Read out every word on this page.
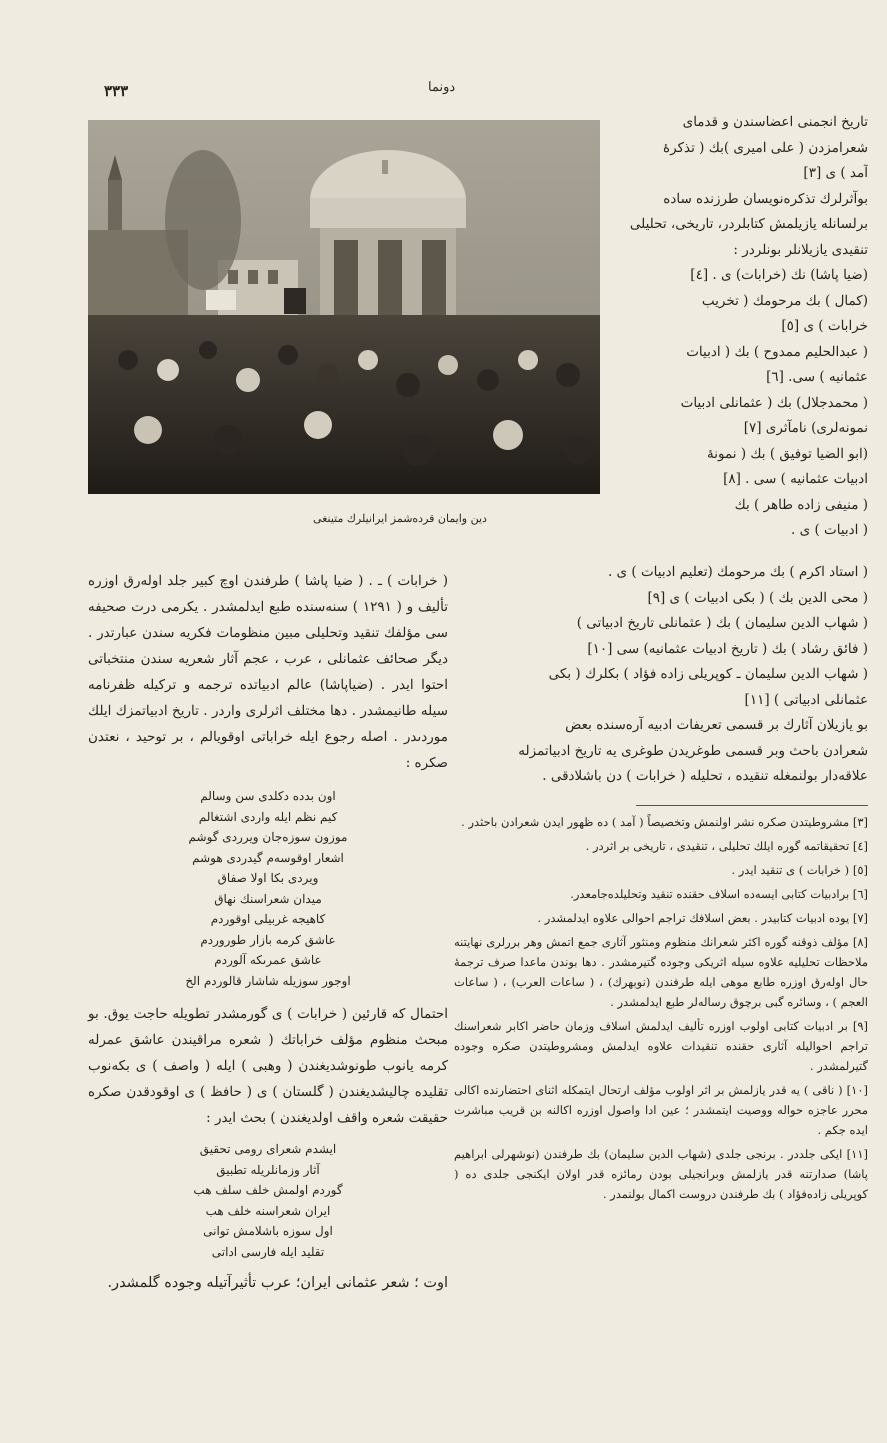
٣٣٣	دونما
دين وايمان قردەشمز ايرانيلرك متينغى
تاريخ انجمنى اعضاسندن و قدماى
شعرامزدن ( على اميرى )بك ( تذكرهٔ
آمد ) ى [٣]
بوآثرلرك تذكرەنويسان طرزندە سادە
برلسانله يازيلمش كتابلردر، تاريخى، تحليلى
تنقيدى يازيلانلر بونلردر :
(ضيا پاشا) نك (خرابات) ى . [٤]
(كمال ) بك مرحومك ( تخريب
خرابات ) ى [٥]
( عبدالحليم ممدوح ) بك ( ادبيات
عثمانيه ) سى. [٦]
( محمدجلال) بك ( عثمانلى ادبيات
نمونەلرى) نامآثرى [٧]
(ابو الضيا توفيق ) بك ( نمونهٔ
ادبيات عثمانيه ) سى . [٨]
( منيفى زادە طاهر ) بك
( ادبيات ) ى .
( استاد اكرم ) بك مرحومك (تعليم ادبيات ) ى .
( محى الدين بك ) ( بكى ادبيات ) ى [٩]
( شهاب الدين سليمان ) بك ( عثمانلى تاريخ ادبياتى )
( فائق رشاد ) بك ( تاريخ ادبيات عثمانيه) سى [١٠]
( شهاب الدين سليمان ـ كوپريلى زادە فؤاد ) بكلرك ( بكى
عثمانلى ادبياتى ) [١١]
بو يازيلان آثارك بر قسمى تعريفات ادبيه آرەسندە بعض
شعرادن باحث وبر قسمى طوغريدن طوغرى يە تاريخ ادبياتمزلە
علاقەدار بولنمغلە تنقيدە ، تحليلە ( خرابات ) دن باشلادقى .
[٣] مشروطيتدن صكره نشر اولنمش وتخصيصاً ( آمد ) ده ظهور ايدن شعرادن باحثدر .
[٤] تحقيقاتمه گوره ايلك تحليلى ، تنقيدى ، تاريخى بر اثردر .
[٥] ( خرابات ) ى تنقيد ايدر .
[٦] برادبيات كتابى ايسەدە اسلاف حقندە تنقيد وتحليلدەجامعدر.
[٧] يوده ادبيات كتابيدر . بعض اسلافك تراجم احوالى علاوه ايدلمشدر .
[٨] مؤلف ذوقنه گوره اكثر شعرانك منظوم ومنثور آثارى جمع اتمش وهر بررلرى نهايتنه ملاحظات تحليليه علاوه سيله اثريكى وجوده گتيرمشدر . دها بوندن ماعدا صرف ترجمهٔ حال اوله‌رق اوزره طابع موهى ايله طرفندن (نوبهرك) ، ( ساعات العرب) ، ( ساعات العجم ) ، وسائره گبى برچوق رساله‌لر طبع ايدلمشدر .
[٩] بر ادبيات كتابى اولوب اوزره تأليف ايدلمش اسلاف وزمان حاضر اكابر شعراسنك تراجم احواليله آثارى حقندە تنقيدات علاوه ايدلمش ومشروطيتدن صكره وجوده گتيرلمشدر .
[١٠] ( ناقى ) يه قدر يازلمش بر اثر اولوب مؤلف ارتحال ايتمكله اثناى احتضارنده اكالى محرر عاجزه حواله ووصيت ايتمشدر ؛ عين ادا واصول اوزره اكالنه بن قريب مباشرت ايده جكم .
[١١] ايكى جلددر . برنجى جلدى (شهاب الدين سليمان) بك طرفندن (نوشهرلى ابراهيم پاشا) صدارتنه قدر يازلمش وبرانجيلى بودن رمائزه قدر اولان ايكنجى جلدى ده ( كوپريلى زادەفؤاد ) بك طرفندن دروست اكمال بولنمدر .
( خرابات ) ـ . ( ضيا پاشا ) طرفندن اوچ كبير جلد اوله‌رق اوزره تأليف و ( ١٢٩١ ) سنەسندە طبع ايدلمشدر . يكرمى درت صحيفه سى مؤلفك تنقيد وتحليلى مبين منظومات فكريه سندن عبارتدر . ديگر صحائف عثمانلى ، عرب ، عجم آثار شعريه سندن منتخباتى احتوا ايدر . (ضياپاشا) عالم ادبياتده ترجمه و تركيله ظفرنامه سيله طانيمشدر . دها مختلف اثرلرى واردر . تاريخ ادبياتمزك ايلك موردىدر . اصلە رجوع ايله خراباتى اوقويالم ، بر توحيد ، نعتدن صكره :
اون بدده دكلدى سن وسالم
كيم نظم ايله واردى اشتغالم
موزون سوزەجان ويرردى گوشم
اشعار اوقوسەم گيدردى هوشم
ويردى بكا اولا صفاق
ميدان شعراسنك نهاق
كاهيجه غربيلى اوقوردم
عاشق كرمه بازار طوروردم
عاشق عمرىكه آلوردم
اوجور سوزيله شاشار قالوردم الخ
احتمال كه قارئين ( خرابات ) ى گورمشدر تطويله حاجت يوق. بو مبحث منظوم مؤلف خراباتك ( شعرە مراقيندن عاشق عمرله كرمه يانوب طونوشديغندن ( وهبى ) ايله ( واصف ) ى بكەنوب تقليده چاليشديغندن ( گلستان ) ى ( حافظ ) ى اوقودقدن صكره حقيقت شعره واقف اولديغندن ) بحث ايدر :
ايشدم شعراى رومى تحقيق
آثار وزمانلريله تطبيق
گوردم اولمش خلف سلف هب
ايران شعراسنه خلف هب
اول سوزه باشلامش توانى
تقليد ايله فارسى اداتى
اوت ؛ شعر عثمانى ايران؛ عرب تأثيرآتيله وجوده گلمشدر.
